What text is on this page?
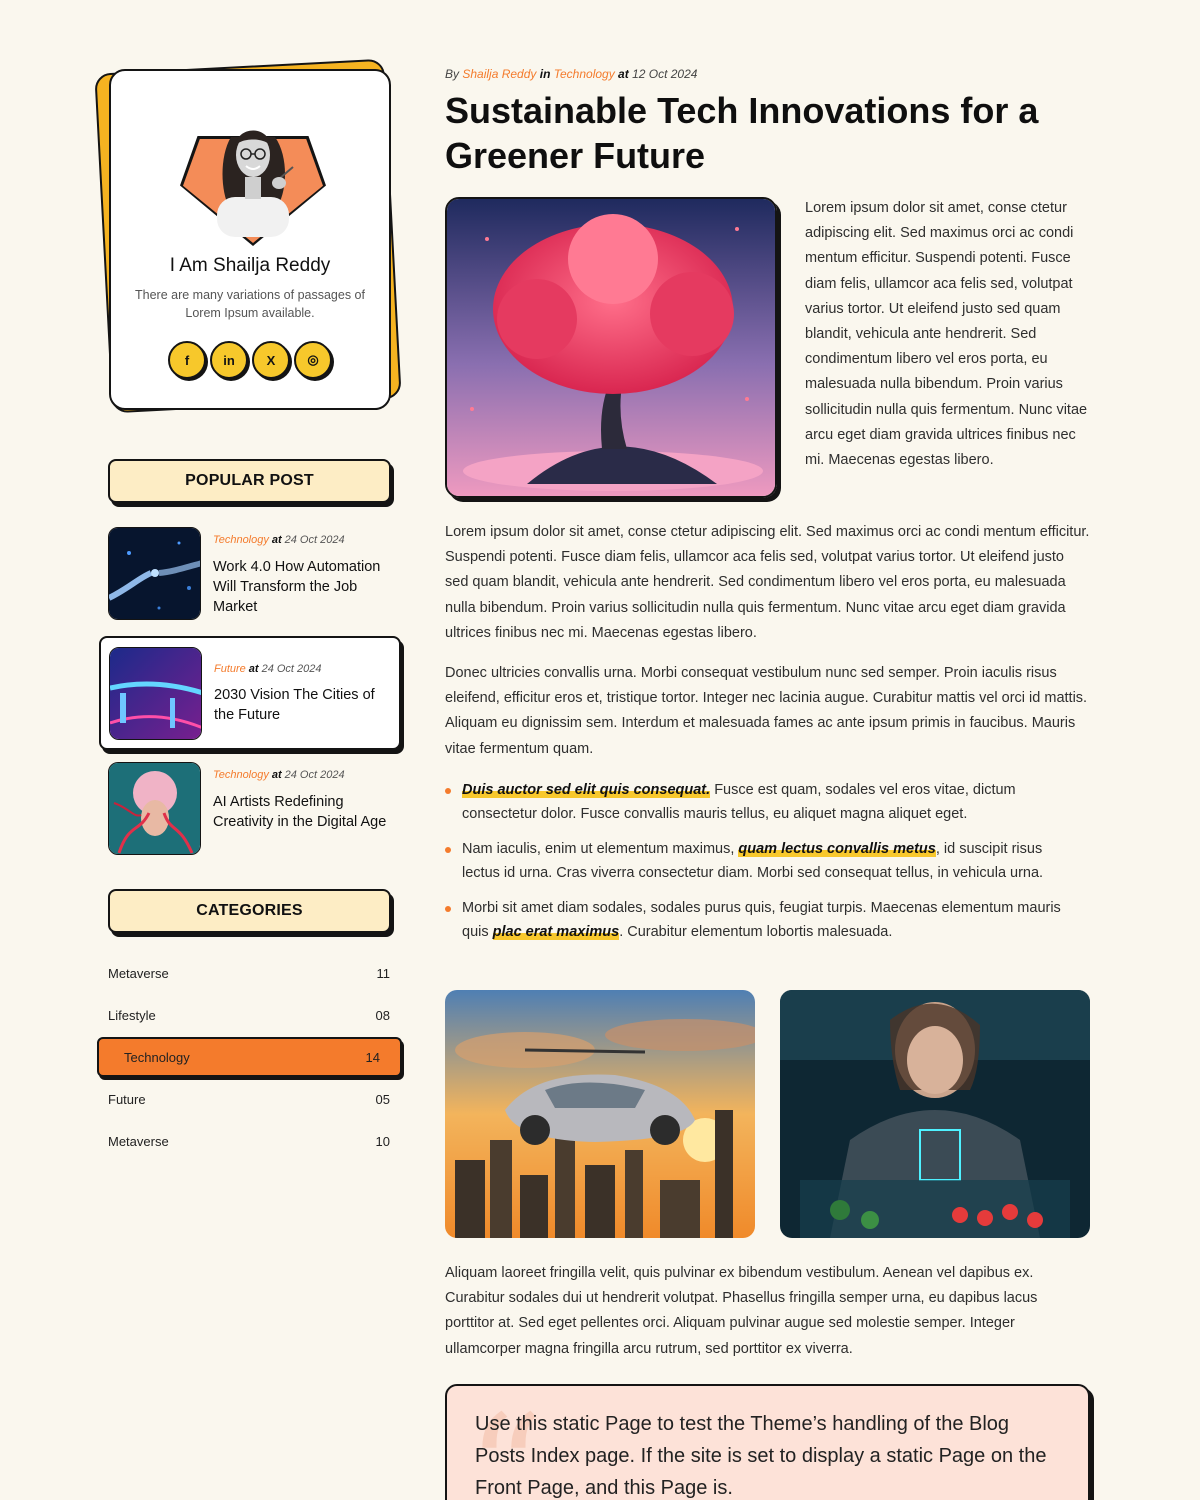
I Am Shailja Reddy
There are many variations of passages of Lorem Ipsum available.
f	in	X	◎
POPULAR POST
Technology at 24 Oct 2024
Work 4.0 How Automation Will Transform the Job Market
Future at 24 Oct 2024
2030 Vision The Cities of the Future
Technology at 24 Oct 2024
AI Artists Redefining Creativity in the Digital Age
CATEGORIES
Metaverse	11
Lifestyle	08
Technology	14
Future	05
Metaverse	10
By Shailja Reddy in Technology at 12 Oct 2024
Sustainable Tech Innovations for a Greener Future

Lorem ipsum dolor sit amet, conse ctetur adipiscing elit. Sed maximus orci ac condi mentum efficitur. Suspendi potenti. Fusce diam felis, ullamcor aca felis sed, volutpat varius tortor. Ut eleifend justo sed quam blandit, vehicula ante hendrerit. Sed condimentum libero vel eros porta, eu malesuada nulla bibendum. Proin varius sollicitudin nulla quis fermentum. Nunc vitae arcu eget diam gravida ultrices finibus nec mi. Maecenas egestas libero.

Lorem ipsum dolor sit amet, conse ctetur adipiscing elit. Sed maximus orci ac condi mentum efficitur. Suspendi potenti. Fusce diam felis, ullamcor aca felis sed, volutpat varius tortor. Ut eleifend justo sed quam blandit, vehicula ante hendrerit. Sed condimentum libero vel eros porta, eu malesuada nulla bibendum. Proin varius sollicitudin nulla quis fermentum. Nunc vitae arcu eget diam gravida ultrices finibus nec mi. Maecenas egestas libero.

Donec ultricies convallis urna. Morbi consequat vestibulum nunc sed semper. Proin iaculis risus eleifend, efficitur eros et, tristique tortor. Integer nec lacinia augue. Curabitur mattis vel orci id mattis. Aliquam eu dignissim sem. Interdum et malesuada fames ac ante ipsum primis in faucibus. Mauris vitae fermentum quam.

Duis auctor sed elit quis consequat. Fusce est quam, sodales vel eros vitae, dictum consectetur dolor. Fusce convallis mauris tellus, eu aliquet magna aliquet eget.
Nam iaculis, enim ut elementum maximus, quam lectus convallis metus, id suscipit risus lectus id urna. Cras viverra consectetur diam. Morbi sed consequat tellus, in vehicula urna.
Morbi sit amet diam sodales, sodales purus quis, feugiat turpis. Maecenas elementum mauris quis plac erat maximus. Curabitur elementum lobortis malesuada.

Aliquam laoreet fringilla velit, quis pulvinar ex bibendum vestibulum. Aenean vel dapibus ex. Curabitur sodales dui ut hendrerit volutpat. Phasellus fringilla semper urna, eu dapibus lacus porttitor at. Sed eget pellentes orci. Aliquam pulvinar augue sed molestie semper. Integer ullamcorper magna fringilla arcu rutrum, sed porttitor ex viverra.

“

Use this static Page to test the Theme’s handling of the Blog Posts Index page. If the site is set to display a static Page on the Front Page, and this Page is.
